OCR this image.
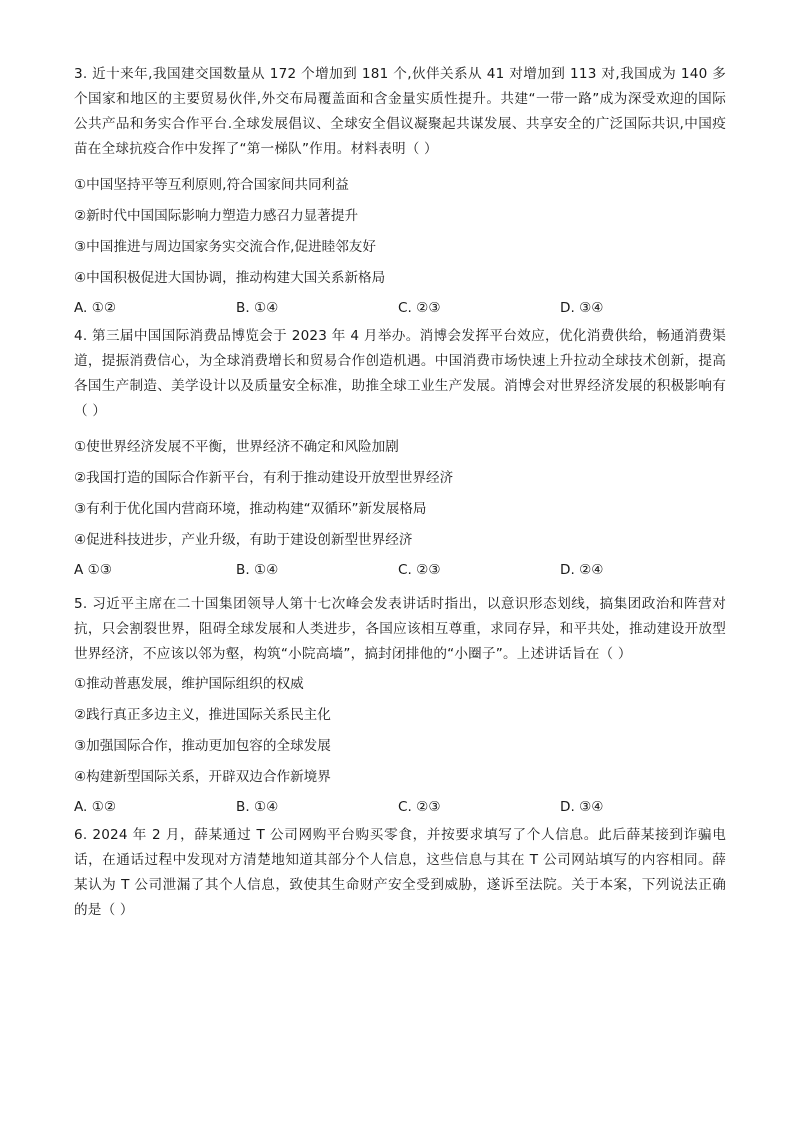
3. 近十来年,我国建交国数量从 172 个增加到 181 个,伙伴关系从 41 对增加到 113 对,我国成为 140 多个国家和地区的主要贸易伙伴,外交布局覆盖面和含金量实质性提升。共建“一带一路”成为深受欢迎的国际公共产品和务实合作平台.全球发展倡议、全球安全倡议凝聚起共谋发展、共享安全的广泛国际共识,中国疫苗在全球抗疫合作中发挥了“第一梯队”作用。材料表明（ ）

①中国坚持平等互利原则,符合国家间共同利益

②新时代中国国际影响力塑造力感召力显著提升

③中国推进与周边国家务实交流合作,促进睦邻友好

④中国积极促进大国协调，推动构建大国关系新格局

A. ①②	B. ①④	C. ②③	D. ③④

4. 第三届中国国际消费品博览会于 2023 年 4 月举办。消博会发挥平台效应，优化消费供给，畅通消费渠道，提振消费信心，为全球消费增长和贸易合作创造机遇。中国消费市场快速上升拉动全球技术创新，提高各国生产制造、美学设计以及质量安全标准，助推全球工业生产发展。消博会对世界经济发展的积极影响有（ ）

①使世界经济发展不平衡，世界经济不确定和风险加剧

②我国打造的国际合作新平台，有利于推动建设开放型世界经济

③有利于优化国内营商环境，推动构建“双循环”新发展格局

④促进科技进步，产业升级，有助于建设创新型世界经济

A ①③	B. ①④	C. ②③	D. ②④

5. 习近平主席在二十国集团领导人第十七次峰会发表讲话时指出，以意识形态划线，搞集团政治和阵营对抗，只会割裂世界，阻碍全球发展和人类进步，各国应该相互尊重，求同存异，和平共处，推动建设开放型世界经济，不应该以邻为壑，构筑“小院高墙”，搞封闭排他的“小圈子”。上述讲话旨在（ ）

①推动普惠发展，维护国际组织的权威

②践行真正多边主义，推进国际关系民主化

③加强国际合作，推动更加包容的全球发展

④构建新型国际关系，开辟双边合作新境界

A. ①②	B. ①④	C. ②③	D. ③④

6. 2024 年 2 月，薛某通过 T 公司网购平台购买零食，并按要求填写了个人信息。此后薛某接到诈骗电话，在通话过程中发现对方清楚地知道其部分个人信息，这些信息与其在 T 公司网站填写的内容相同。薛某认为 T 公司泄漏了其个人信息，致使其生命财产安全受到威胁，遂诉至法院。关于本案，下列说法正确的是（ ）
